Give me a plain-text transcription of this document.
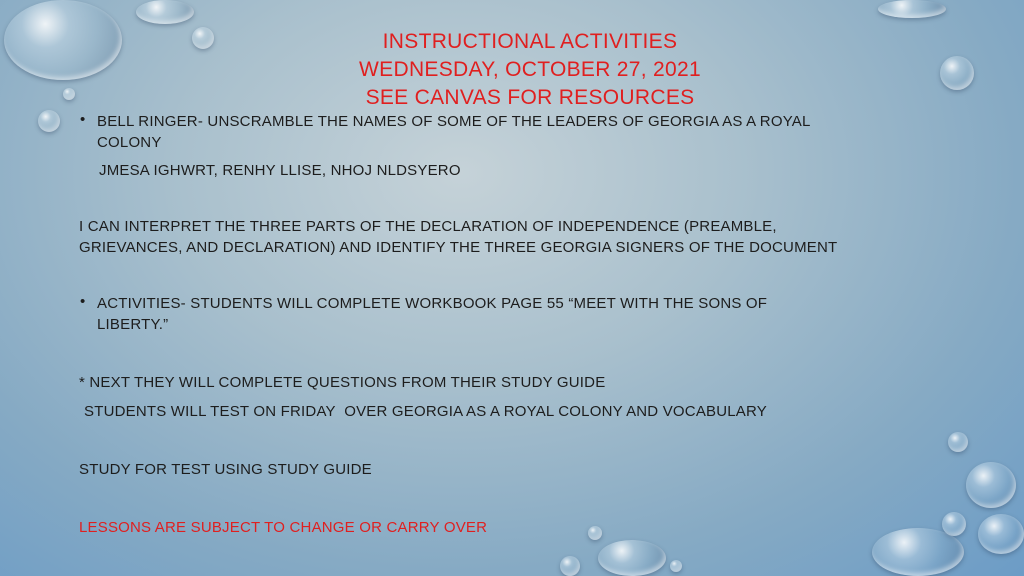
INSTRUCTIONAL ACTIVITIES
WEDNESDAY, OCTOBER 27, 2021
SEE CANVAS FOR RESOURCES
• BELL RINGER- UNSCRAMBLE THE NAMES OF SOME OF THE LEADERS OF GEORGIA AS A ROYAL COLONY
JMESA IGHWRT, RENHY LLISE, NHOJ NLDSYERO
I CAN INTERPRET THE THREE PARTS OF THE DECLARATION OF INDEPENDENCE (PREAMBLE, GRIEVANCES, AND DECLARATION) AND IDENTIFY THE THREE GEORGIA SIGNERS OF THE DOCUMENT
• ACTIVITIES- STUDENTS WILL COMPLETE WORKBOOK PAGE 55 “MEET WITH THE SONS OF LIBERTY.”
* NEXT THEY WILL COMPLETE QUESTIONS FROM THEIR STUDY GUIDE
STUDENTS WILL TEST ON FRIDAY  OVER GEORGIA AS A ROYAL COLONY AND VOCABULARY
STUDY FOR TEST USING STUDY GUIDE
LESSONS ARE SUBJECT TO CHANGE OR CARRY OVER
